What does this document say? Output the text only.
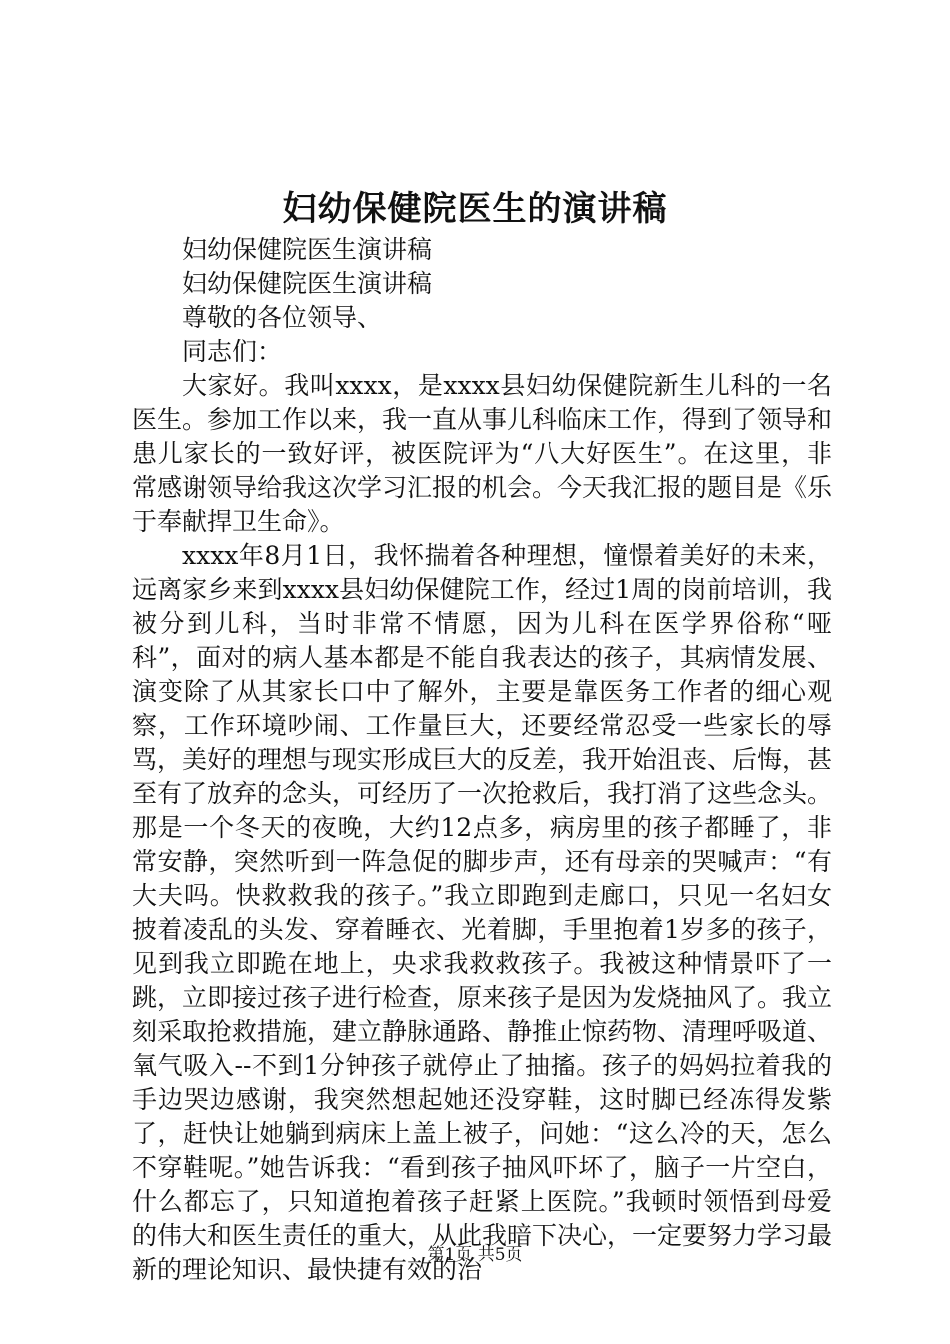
妇幼保健院医生的演讲稿

妇幼保健院医生演讲稿

妇幼保健院医生演讲稿

尊敬的各位领导、

同志们：

大家好。我叫xxxx，是xxxx县妇幼保健院新生儿科的一名医生。参加工作以来，我一直从事儿科临床工作，得到了领导和患儿家长的一致好评，被医院评为“八大好医生”。在这里，非常感谢领导给我这次学习汇报的机会。今天我汇报的题目是《乐于奉献捍卫生命》。

xxxx年8月1日，我怀揣着各种理想，憧憬着美好的未来，远离家乡来到xxxx县妇幼保健院工作，经过1周的岗前培训，我被分到儿科，当时非常不情愿，因为儿科在医学界俗称“哑科”，面对的病人基本都是不能自我表达的孩子，其病情发展、演变除了从其家长口中了解外，主要是靠医务工作者的细心观察，工作环境吵闹、工作量巨大，还要经常忍受一些家长的辱骂，美好的理想与现实形成巨大的反差，我开始沮丧、后悔，甚至有了放弃的念头，可经历了一次抢救后，我打消了这些念头。那是一个冬天的夜晚，大约12点多，病房里的孩子都睡了，非常安静，突然听到一阵急促的脚步声，还有母亲的哭喊声：“有大夫吗。快救救我的孩子。”我立即跑到走廊口，只见一名妇女披着凌乱的头发、穿着睡衣、光着脚，手里抱着1岁多的孩子，见到我立即跪在地上，央求我救救孩子。我被这种情景吓了一跳，立即接过孩子进行检查，原来孩子是因为发烧抽风了。我立刻采取抢救措施，建立静脉通路、静推止惊药物、清理呼吸道、氧气吸入--不到1分钟孩子就停止了抽搐。孩子的妈妈拉着我的手边哭边感谢，我突然想起她还没穿鞋，这时脚已经冻得发紫了，赶快让她躺到病床上盖上被子，问她：“这么冷的天，怎么不穿鞋呢。”她告诉我：“看到孩子抽风吓坏了，脑子一片空白，什么都忘了，只知道抱着孩子赶紧上医院。”我顿时领悟到母爱的伟大和医生责任的重大，从此我暗下决心，一定要努力学习最新的理论知识、最快捷有效的治

第1页 共5页
